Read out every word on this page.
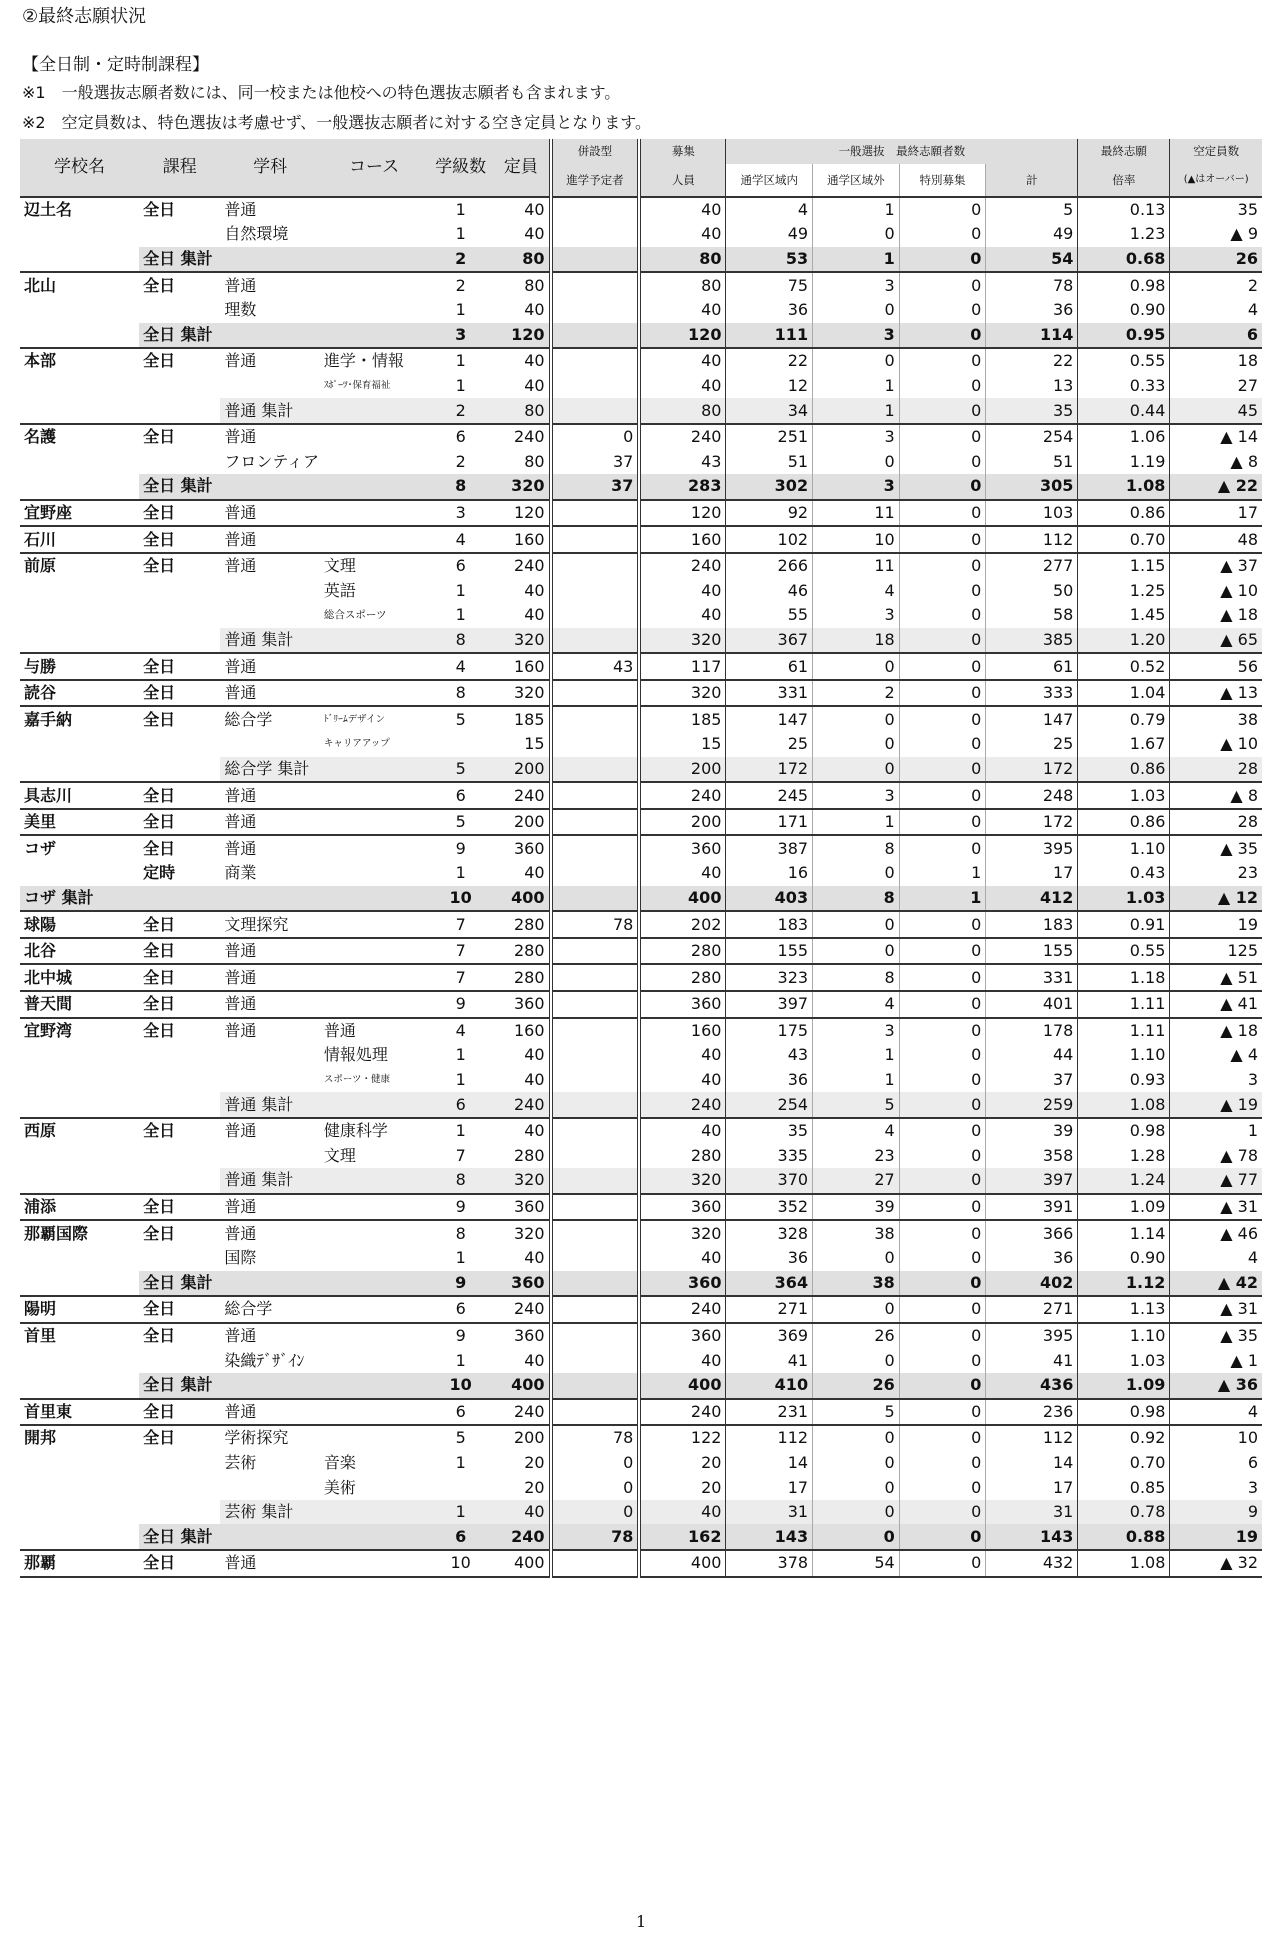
②最終志願状況
【全日制・定時制課程】
※1　一般選抜志願者数には、同一校または他校への特色選抜志願者も含まれます。
※2　空定員数は、特色選抜は考慮せず、一般選抜志願者に対する空き定員となります。
学校名	課程	学科	コース	学級数	定員	併設型	募集	一般選抜　最終志願者数				最終志願	空定員数
						進学予定者	人員	通学区域内	通学区域外	特別募集	計	倍率	(▲はオーバー)
辺土名	全日	普通		1	40		40	4	1	0	5	0.13	35
		自然環境		1	40		40	49	0	0	49	1.23	▲ 9
	全日 集計			2	80		80	53	1	0	54	0.68	26
北山	全日	普通		2	80		80	75	3	0	78	0.98	2
		理数		1	40		40	36	0	0	36	0.90	4
	全日 集計			3	120		120	111	3	0	114	0.95	6
本部	全日	普通	進学・情報	1	40		40	22	0	0	22	0.55	18
			ｽﾎﾟｰﾂ･保育福祉	1	40		40	12	1	0	13	0.33	27
		普通 集計		2	80		80	34	1	0	35	0.44	45
名護	全日	普通		6	240	0	240	251	3	0	254	1.06	▲ 14
		フロンティア		2	80	37	43	51	0	0	51	1.19	▲ 8
	全日 集計			8	320	37	283	302	3	0	305	1.08	▲ 22
宜野座	全日	普通		3	120		120	92	11	0	103	0.86	17
石川	全日	普通		4	160		160	102	10	0	112	0.70	48
前原	全日	普通	文理	6	240		240	266	11	0	277	1.15	▲ 37
			英語	1	40		40	46	4	0	50	1.25	▲ 10
			総合スポーツ	1	40		40	55	3	0	58	1.45	▲ 18
		普通 集計		8	320		320	367	18	0	385	1.20	▲ 65
与勝	全日	普通		4	160	43	117	61	0	0	61	0.52	56
読谷	全日	普通		8	320		320	331	2	0	333	1.04	▲ 13
嘉手納	全日	総合学	ﾄﾞﾘｰﾑデザイン	5	185		185	147	0	0	147	0.79	38
			キャリアアップ		15		15	25	0	0	25	1.67	▲ 10
		総合学 集計		5	200		200	172	0	0	172	0.86	28
具志川	全日	普通		6	240		240	245	3	0	248	1.03	▲ 8
美里	全日	普通		5	200		200	171	1	0	172	0.86	28
コザ	全日	普通		9	360		360	387	8	0	395	1.10	▲ 35
	定時	商業		1	40		40	16	0	1	17	0.43	23
コザ 集計				10	400		400	403	8	1	412	1.03	▲ 12
球陽	全日	文理探究		7	280	78	202	183	0	0	183	0.91	19
北谷	全日	普通		7	280		280	155	0	0	155	0.55	125
北中城	全日	普通		7	280		280	323	8	0	331	1.18	▲ 51
普天間	全日	普通		9	360		360	397	4	0	401	1.11	▲ 41
宜野湾	全日	普通	普通	4	160		160	175	3	0	178	1.11	▲ 18
			情報処理	1	40		40	43	1	0	44	1.10	▲ 4
			スポーツ・健康	1	40		40	36	1	0	37	0.93	3
		普通 集計		6	240		240	254	5	0	259	1.08	▲ 19
西原	全日	普通	健康科学	1	40		40	35	4	0	39	0.98	1
			文理	7	280		280	335	23	0	358	1.28	▲ 78
		普通 集計		8	320		320	370	27	0	397	1.24	▲ 77
浦添	全日	普通		9	360		360	352	39	0	391	1.09	▲ 31
那覇国際	全日	普通		8	320		320	328	38	0	366	1.14	▲ 46
		国際		1	40		40	36	0	0	36	0.90	4
	全日 集計			9	360		360	364	38	0	402	1.12	▲ 42
陽明	全日	総合学		6	240		240	271	0	0	271	1.13	▲ 31
首里	全日	普通		9	360		360	369	26	0	395	1.10	▲ 35
		染織ﾃﾞｻﾞｲﾝ		1	40		40	41	0	0	41	1.03	▲ 1
	全日 集計			10	400		400	410	26	0	436	1.09	▲ 36
首里東	全日	普通		6	240		240	231	5	0	236	0.98	4
開邦	全日	学術探究		5	200	78	122	112	0	0	112	0.92	10
		芸術	音楽	1	20	0	20	14	0	0	14	0.70	6
			美術		20	0	20	17	0	0	17	0.85	3
		芸術 集計		1	40	0	40	31	0	0	31	0.78	9
	全日 集計			6	240	78	162	143	0	0	143	0.88	19
那覇	全日	普通		10	400		400	378	54	0	432	1.08	▲ 32
1
